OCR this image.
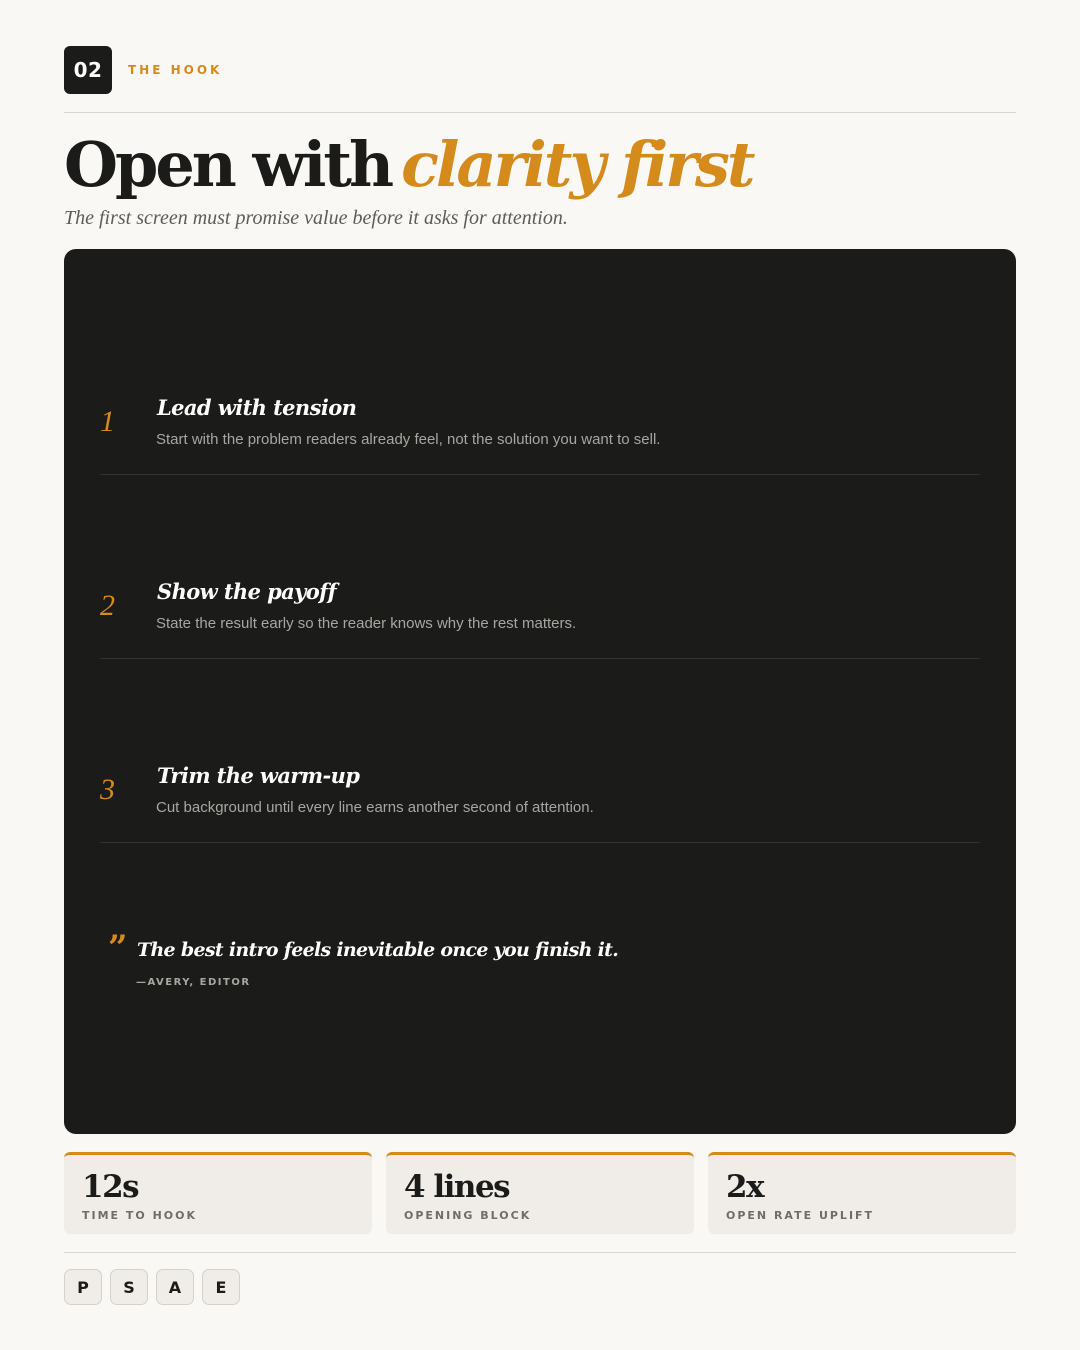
02	THE HOOK
Open with clarity first

The first screen must promise value before it asks for attention.

1	Lead with tension
Start with the problem readers already feel, not the solution you want to sell.
2	Show the payoff
State the result early so the reader knows why the rest matters.
3	Trim the warm-up
Cut background until every line earns another second of attention.
” The best intro feels inevitable once you finish it.
—AVERY, EDITOR
12s
TIME TO HOOK
4 lines
OPENING BLOCK
2x
OPEN RATE UPLIFT
P	S	A	E
